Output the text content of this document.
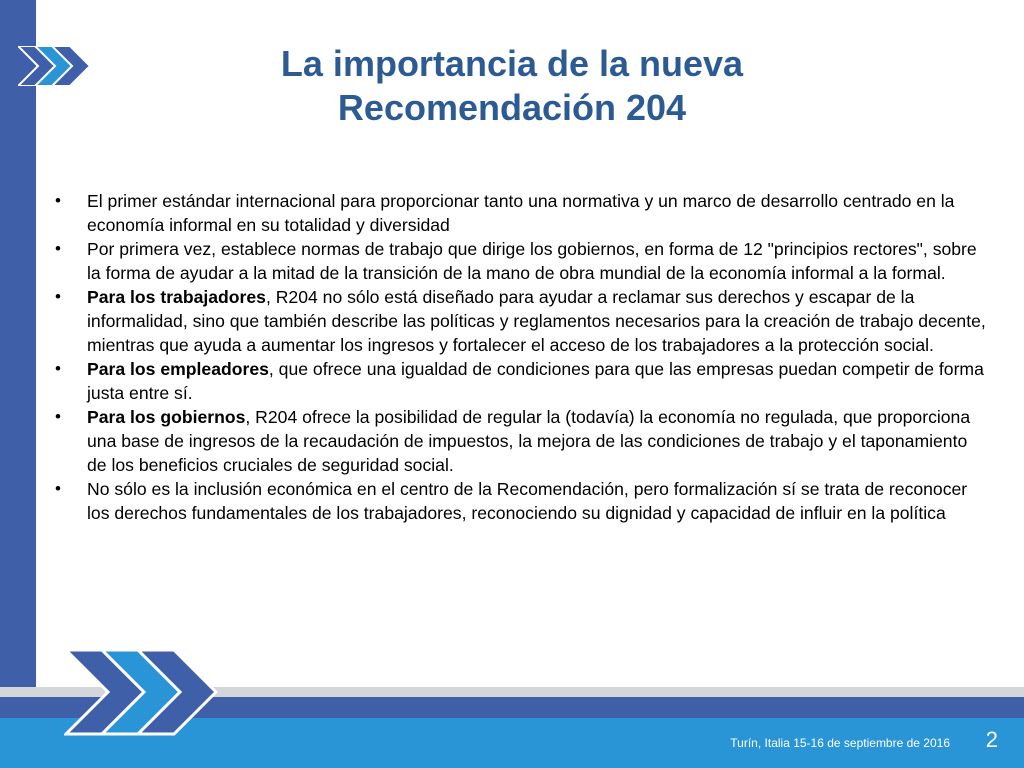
La importancia de la nueva
Recomendación 204
•	El primer estándar internacional para proporcionar tanto una normativa y un marco de desarrollo centrado en la economía informal en su totalidad y diversidad
•	Por primera vez, establece normas de trabajo que dirige los gobiernos, en forma de 12 "principios rectores", sobre la forma de ayudar a la mitad de la transición de la mano de obra mundial de la economía informal a la formal.
•	Para los trabajadores, R204 no sólo está diseñado para ayudar a reclamar sus derechos y escapar de la informalidad, sino que también describe las políticas y reglamentos necesarios para la creación de trabajo decente, mientras que ayuda a aumentar los ingresos y fortalecer el acceso de los trabajadores a la protección social.
•	Para los empleadores, que ofrece una igualdad de condiciones para que las empresas puedan competir de forma justa entre sí.
•	Para los gobiernos, R204 ofrece la posibilidad de regular la (todavía) la economía no regulada, que proporciona una base de ingresos de la recaudación de impuestos, la mejora de las condiciones de trabajo y el taponamiento de los beneficios cruciales de seguridad social.
•	No sólo es la inclusión económica en el centro de la Recomendación, pero formalización sí se trata de reconocer los derechos fundamentales de los trabajadores, reconociendo su dignidad y capacidad de influir en la política
Turín, Italia 15-16 de septiembre de 2016 2
